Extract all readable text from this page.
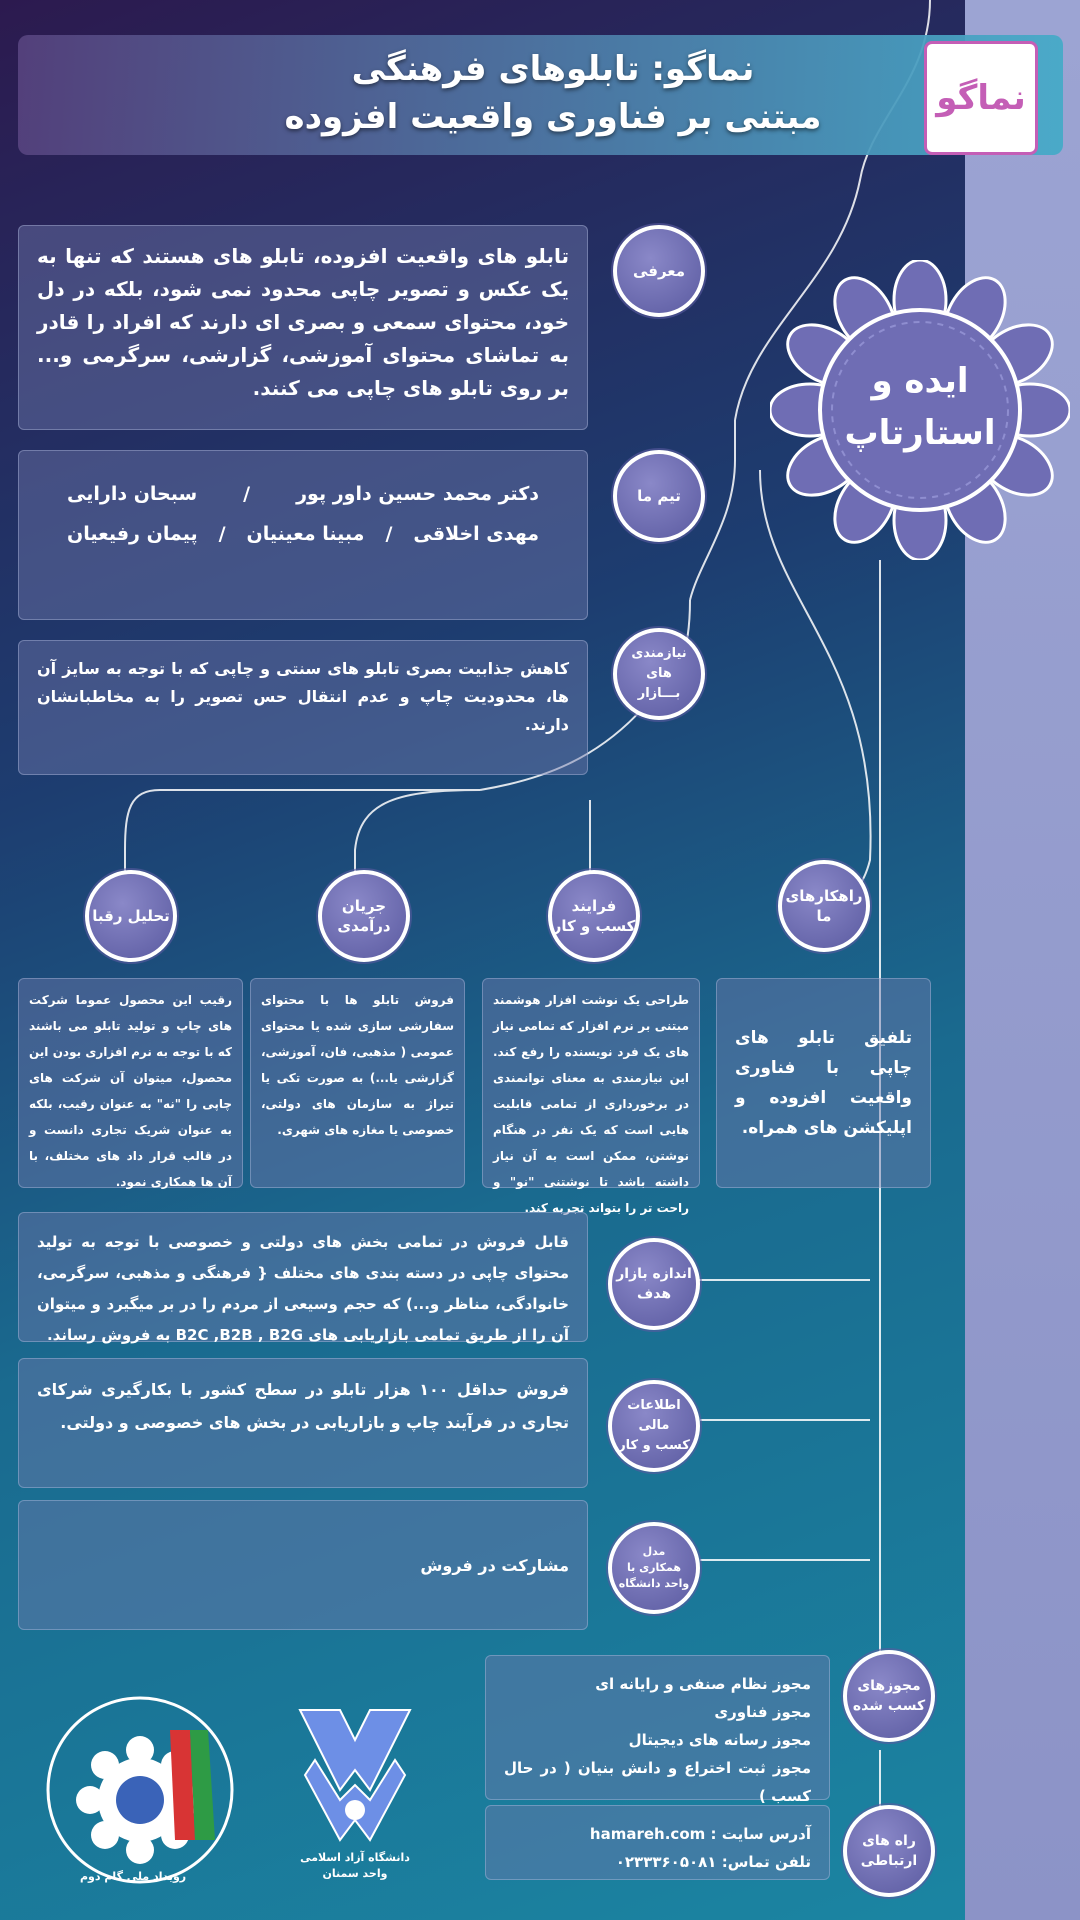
نماگو: تابلوهای فرهنگی
مبتنی بر فناوری واقعیت افزوده	نماگو
ایده و
استارتاپ
تابلو های واقعیت افزوده، تابلو های هستند که تنها به یک عکس و تصویر چاپی محدود نمی شود، بلکه در دل خود، محتوای سمعی و بصری ای دارند که افراد را قادر به تماشای محتوای آموزشی، گزارشی، سرگرمی و... بر روی تابلو های چاپی می کنند.
معرفی
دکتر محمد حسین داور پور
/
سبحان دارایی
مهدی اخلاقی
/
مبینا معینیان
/
پیمان رفیعیان
تیم ما
کاهش جذابیت بصری تابلو های سنتی و چاپی که با توجه به سایز آن ها، محدودیت چاپ و عدم انتقال حس تصویر را به مخاطبانشان دارند.
نیازمندی های
بـــازار
تحلیل رقبا
جریان
درآمدی
فرایند
کسب و کار
راهکارهای
ما
رقیب این محصول عموما شرکت های چاپ و تولید تابلو می باشند که با توجه به نرم افزاری بودن این محصول، میتوان آن شرکت های چاپی را "نه" به عنوان رقیب، بلکه به عنوان شریک تجاری دانست و در قالب قرار داد های مختلف، با آن ها همکاری نمود.
فروش تابلو ها با محتوای سفارشی سازی شده یا محتوای عمومی ( مذهبی، فان، آموزشی، گزارشی یا...) به صورت تکی یا تیراژ به سازمان های دولتی، خصوصی یا مغازه های شهری.
طراحی یک نوشت افزار هوشمند مبتنی بر نرم افزار که تمامی نیاز های یک فرد نویسنده را رفع کند. این نیازمندی به معنای توانمندی در برخورداری از تمامی قابلیت هایی است که یک نفر در هنگام نوشتن، ممکن است به آن نیاز داشته باشد تا نوشتنی "نو" و راحت تر را بتواند تجربه کند.
تلفیق تابلو های چاپی با فناوری واقعیت افزوده و اپلیکشن های همراه.
قابل فروش در تمامی بخش های دولتی و خصوصی با توجه به تولید محتوای چاپی در دسته بندی های مختلف { فرهنگی و مذهبی، سرگرمی، خانوادگی، مناظر و...) که حجم وسیعی از مردم را در بر میگیرد و میتوان آن را از طریق تمامی بازاریابی های B2C ,B2B , B2G به فروش رساند.
اندازه بازار
هدف
فروش حداقل ۱۰۰ هزار تابلو در سطح کشور با بکارگیری شرکای تجاری در فرآیند چاپ و بازاریابی در بخش های خصوصی و دولتی.
اطلاعات مالی
کسب و کار
مشارکت در فروش
مدل
همکاری با
واحد دانشگاه
مجوز نظام صنفی و رایانه ای
مجوز فناوری
مجوز رسانه های دیجیتال
مجوز ثبت اختراع و دانش بنیان ( در حال کسب )
مجوزهای
کسب شده
آدرس سایت : hamareh.com
تلفن تماس: ۰۲۳۳۳۶۰۵۰۸۱
راه های
ارتباطی
رویداد ملی گام دوم
دانشگاه آزاد اسلامی
واحد سمنان
